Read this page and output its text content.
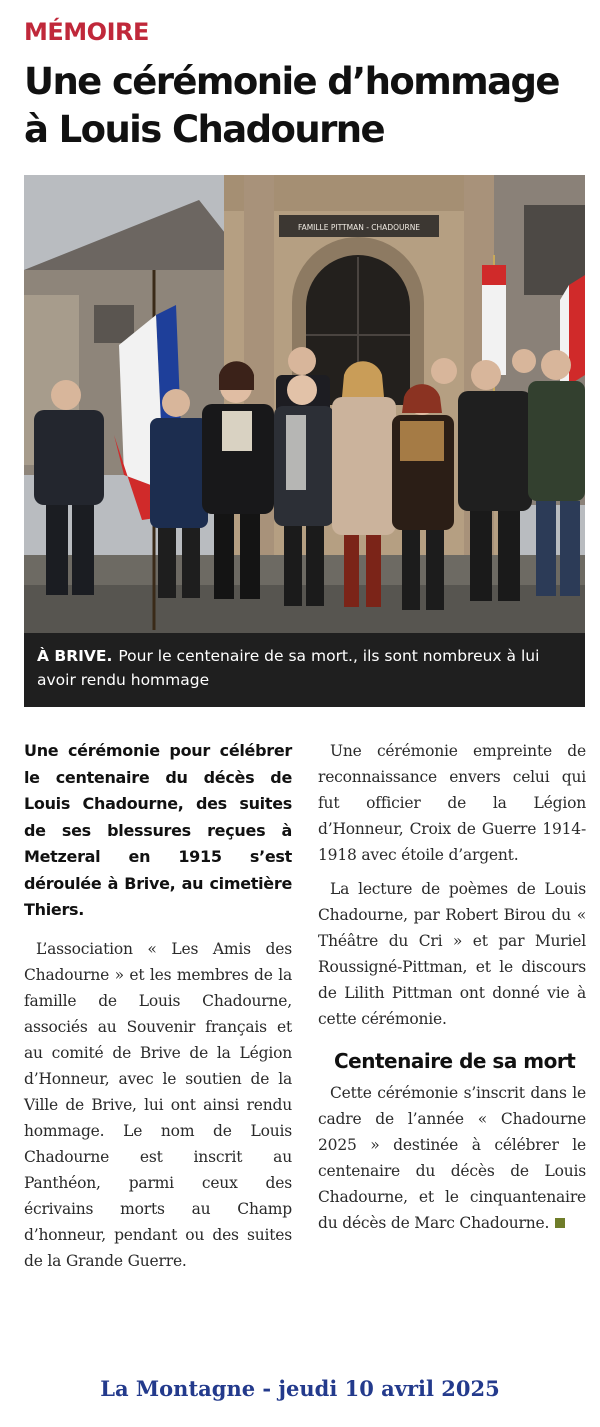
MÉMOIRE
Une cérémonie d’hommage à Louis Chadourne
FAMILLE PITTMAN - CHADOURNE
À BRIVE. Pour le centenaire de sa mort., ils sont nombreux à lui avoir rendu hommage

Une cérémonie pour célébrer le centenaire du décès de Louis Chadourne, des suites de ses blessures reçues à Metzeral en 1915 s’est déroulée à Brive, au cimetière Thiers.

L’association « Les Amis des Chadourne » et les membres de la famille de Louis Chadourne, associés au Souvenir français et au comité de Brive de la Légion d’Honneur, avec le soutien de la Ville de Brive, lui ont ainsi rendu hommage. Le nom de Louis Chadourne est inscrit au Panthéon, parmi ceux des écrivains morts au Champ d’honneur, pendant ou des suites de la Grande Guerre.

Une cérémonie empreinte de reconnaissance envers celui qui fut officier de la Légion d’Honneur, Croix de Guerre 1914-1918 avec étoile d’argent.

La lecture de poèmes de Louis Chadourne, par Robert Birou du « Théâtre du Cri » et par Muriel Roussigné-Pittman, et le discours de Lilith Pittman ont donné vie à cette cérémonie.

Centenaire de sa mort

Cette cérémonie s’inscrit dans le cadre de l’année « Chadourne 2025 » destinée à célébrer le centenaire du décès de Louis Chadourne, et le cinquantenaire du décès de Marc Chadourne.

La Montagne - jeudi 10 avril 2025
